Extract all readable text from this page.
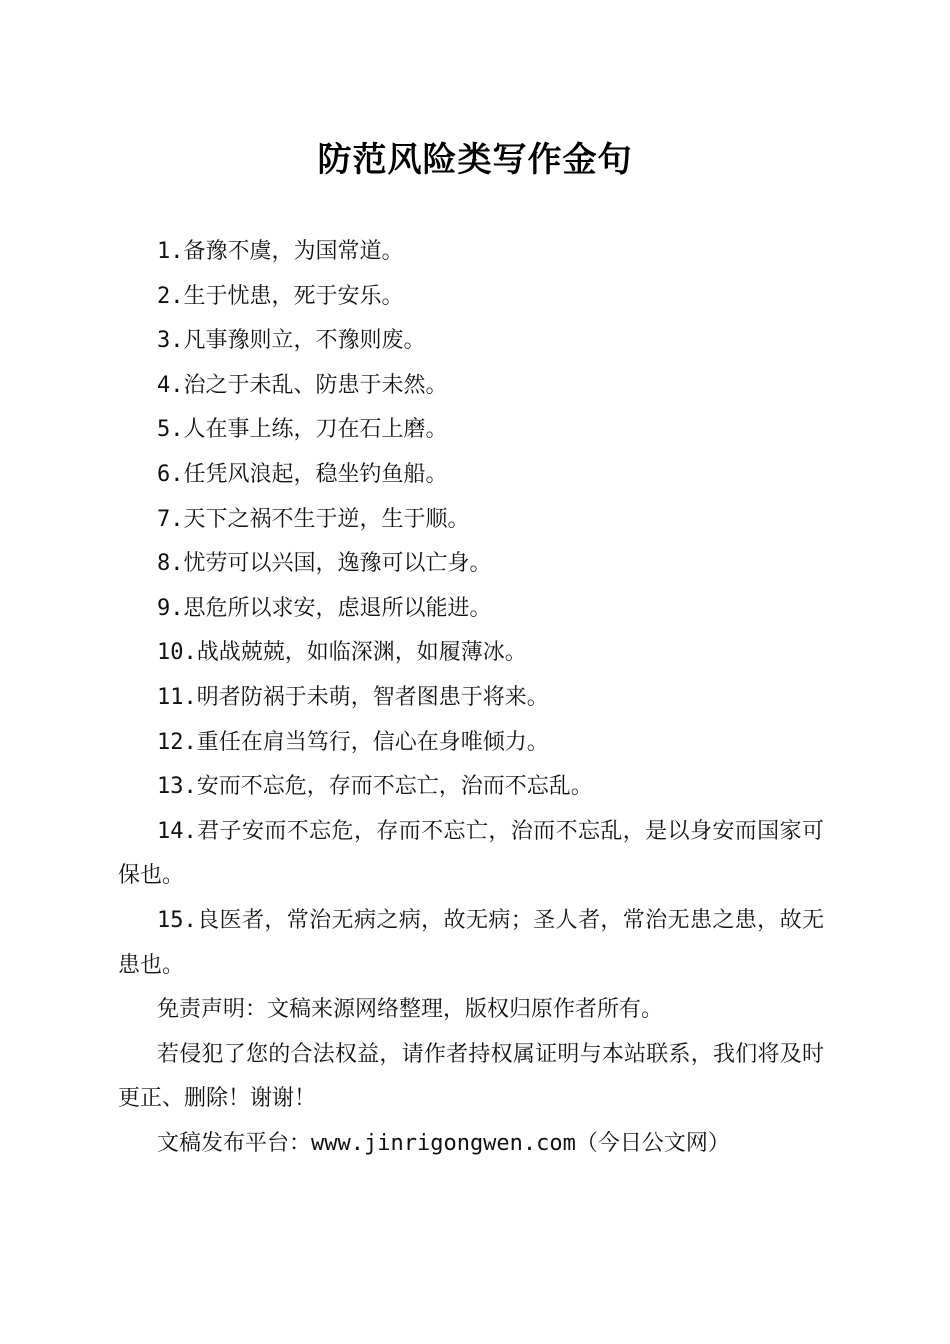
防范风险类写作金句

1.备豫不虞，为国常道。

2.生于忧患，死于安乐。

3.凡事豫则立，不豫则废。

4.治之于未乱、防患于未然。

5.人在事上练，刀在石上磨。

6.任凭风浪起，稳坐钓鱼船。

7.天下之祸不生于逆，生于顺。

8.忧劳可以兴国，逸豫可以亡身。

9.思危所以求安，虑退所以能进。

10.战战兢兢，如临深渊，如履薄冰。

11.明者防祸于未萌，智者图患于将来。

12.重任在肩当笃行，信心在身唯倾力。

13.安而不忘危，存而不忘亡，治而不忘乱。

14.君子安而不忘危，存而不忘亡，治而不忘乱，是以身安而国家可保也。

15.良医者，常治无病之病，故无病；圣人者，常治无患之患，故无患也。

免责声明：文稿来源网络整理，版权归原作者所有。

若侵犯了您的合法权益，请作者持权属证明与本站联系，我们将及时更正、删除！谢谢！

文稿发布平台：www.jinrigongwen.com（今日公文网）
